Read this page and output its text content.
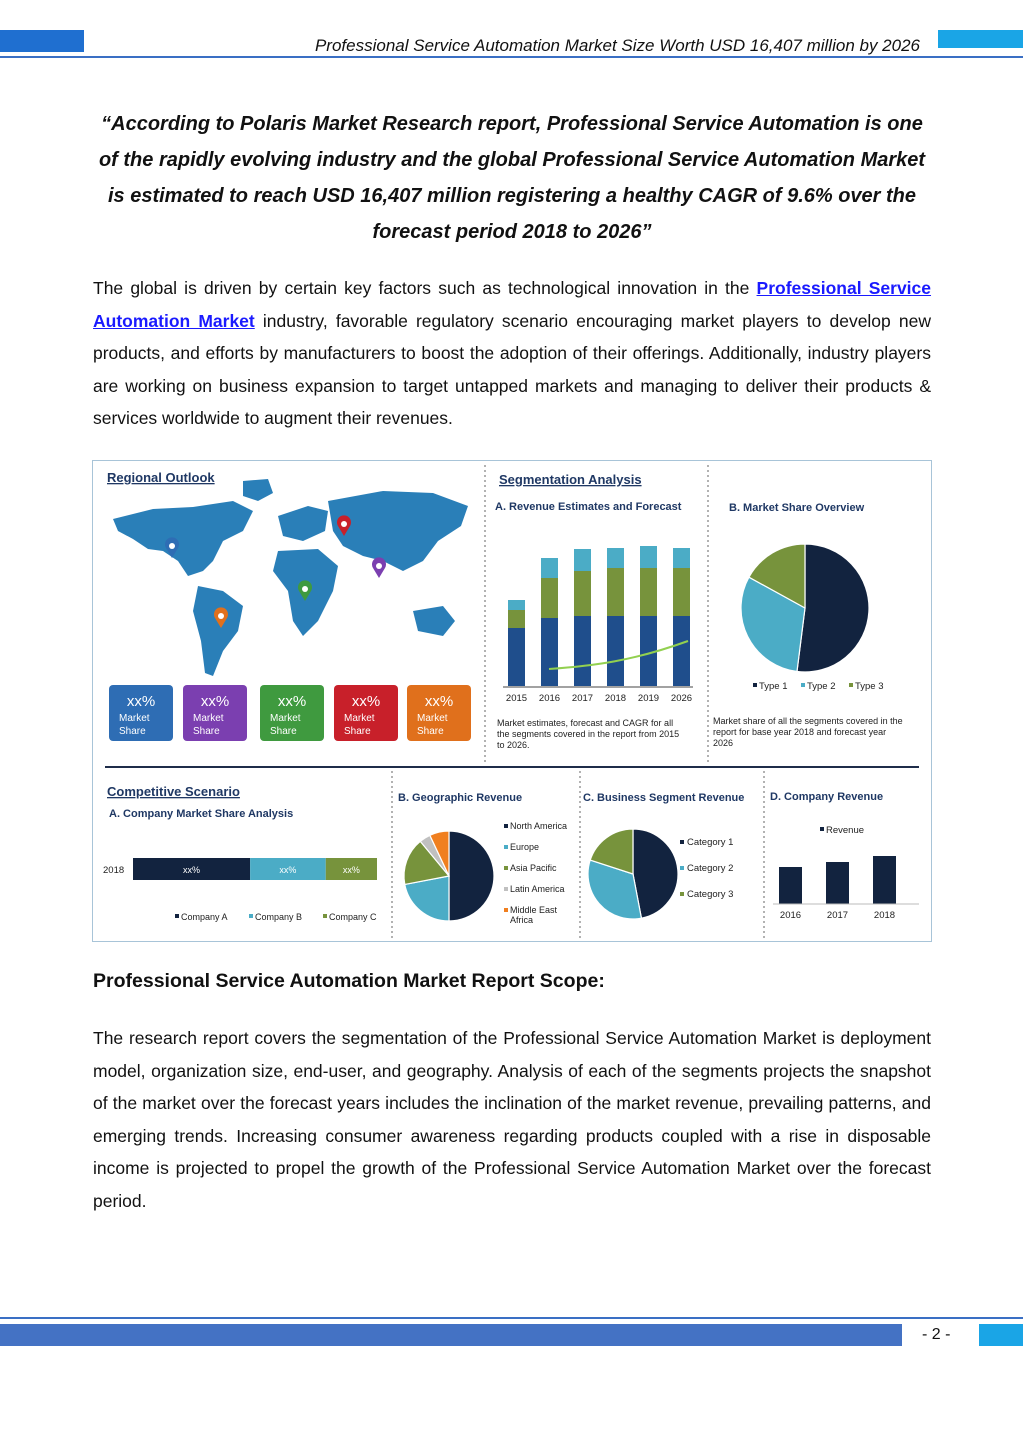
Professional Service Automation Market Size Worth USD 16,407 million by 2026
“According to Polaris Market Research report, Professional Service Automation is one of the rapidly evolving industry and the global Professional Service Automation Market is estimated to reach USD 16,407 million registering a healthy CAGR of 9.6% over the forecast period 2018 to 2026”
The global is driven by certain key factors such as technological innovation in the Professional Service Automation Market industry, favorable regulatory scenario encouraging market players to develop new products, and efforts by manufacturers to boost the adoption of their offerings. Additionally, industry players are working on business expansion to target untapped markets and managing to deliver their products & services worldwide to augment their revenues.
Regional Outlook
xx%
Market
Share
xx%
Market
Share
xx%
Market
Share
xx%
Market
Share
xx%
Market
Share
Segmentation Analysis
A. Revenue Estimates and Forecast	B. Market Share Overview
2015 2016 2017 2018 2019 2026
Type 1 Type 2 Type 3
Market estimates, forecast and CAGR for all
the segments covered in the report from 2015
to 2026.
Market share of all the segments covered in the
report for base year 2018 and forecast year
2026
Competitive Scenario
A. Company Market Share Analysis
2018	xx%	xx%	xx%
Company A	Company B	Company C
B. Geographic Revenue
North America
Europe
Asia Pacific
Latin America
Middle East
Africa
C. Business Segment Revenue
Category 1
Category 2
Category 3
D. Company Revenue
2016	2017	2018
Revenue
Professional Service Automation Market Report Scope:
The research report covers the segmentation of the Professional Service Automation Market is deployment model, organization size, end-user, and geography. Analysis of each of the segments projects the snapshot of the market over the forecast years includes the inclination of the market revenue, prevailing patterns, and emerging trends. Increasing consumer awareness regarding products coupled with a rise in disposable income is projected to propel the growth of the Professional Service Automation Market over the forecast period.
- 2 -
